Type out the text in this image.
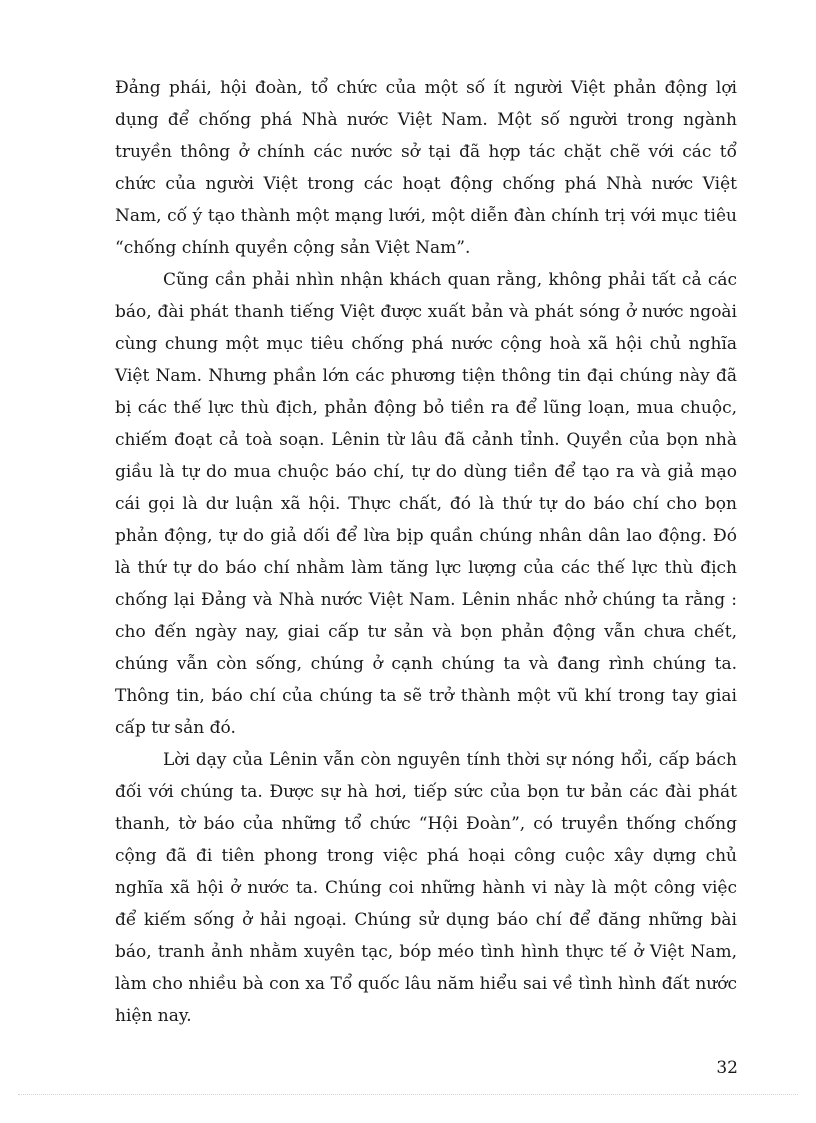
Đảng phái, hội đoàn, tổ chức của một số ít người Việt phản động lợi dụng để chống phá Nhà nước Việt Nam. Một số người trong ngành truyền thông ở chính các nước sở tại đã hợp tác chặt chẽ với các tổ chức của người Việt trong các hoạt động chống phá Nhà nước Việt Nam, cố ý tạo thành một mạng lưới, một diễn đàn chính trị với mục tiêu “chống chính quyền cộng sản Việt Nam”.

Cũng cần phải nhìn nhận khách quan rằng, không phải tất cả các báo, đài phát thanh tiếng Việt được xuất bản và phát sóng ở nước ngoài cùng chung một mục tiêu chống phá nước cộng hoà xã hội chủ nghĩa Việt Nam. Nhưng phần lớn các phương tiện thông tin đại chúng này đã bị các thế lực thù địch, phản động bỏ tiền ra để lũng loạn, mua chuộc, chiếm đoạt cả toà soạn. Lênin từ lâu đã cảnh tỉnh. Quyền của bọn nhà giầu là tự do mua chuộc báo chí, tự do dùng tiền để tạo ra và giả mạo cái gọi là dư luận xã hội. Thực chất, đó là thứ tự do báo chí cho bọn phản động, tự do giả dối để lừa bịp quần chúng nhân dân lao động. Đó là thứ tự do báo chí nhằm làm tăng lực lượng của các thế lực thù địch chống lại Đảng và Nhà nước Việt Nam. Lênin nhắc nhở chúng ta rằng : cho đến ngày nay, giai cấp tư sản và bọn phản động vẫn chưa chết, chúng vẫn còn sống, chúng ở cạnh chúng ta và đang rình chúng ta. Thông tin, báo chí của chúng ta sẽ trở thành một vũ khí trong tay giai cấp tư sản đó.

Lời dạy của Lênin vẫn còn nguyên tính thời sự nóng hổi, cấp bách đối với chúng ta. Được sự hà hơi, tiếp sức của bọn tư bản các đài phát thanh, tờ báo của những tổ chức “Hội Đoàn”, có truyền thống chống cộng đã đi tiên phong trong việc phá hoại công cuộc xây dựng chủ nghĩa xã hội ở nước ta. Chúng coi những hành vi này là một công việc để kiếm sống ở hải ngoại. Chúng sử dụng báo chí để đăng những bài báo, tranh ảnh nhằm xuyên tạc, bóp méo tình hình thực tế ở Việt Nam, làm cho nhiều bà con xa Tổ quốc lâu năm hiểu sai về tình hình đất nước hiện nay.

32
